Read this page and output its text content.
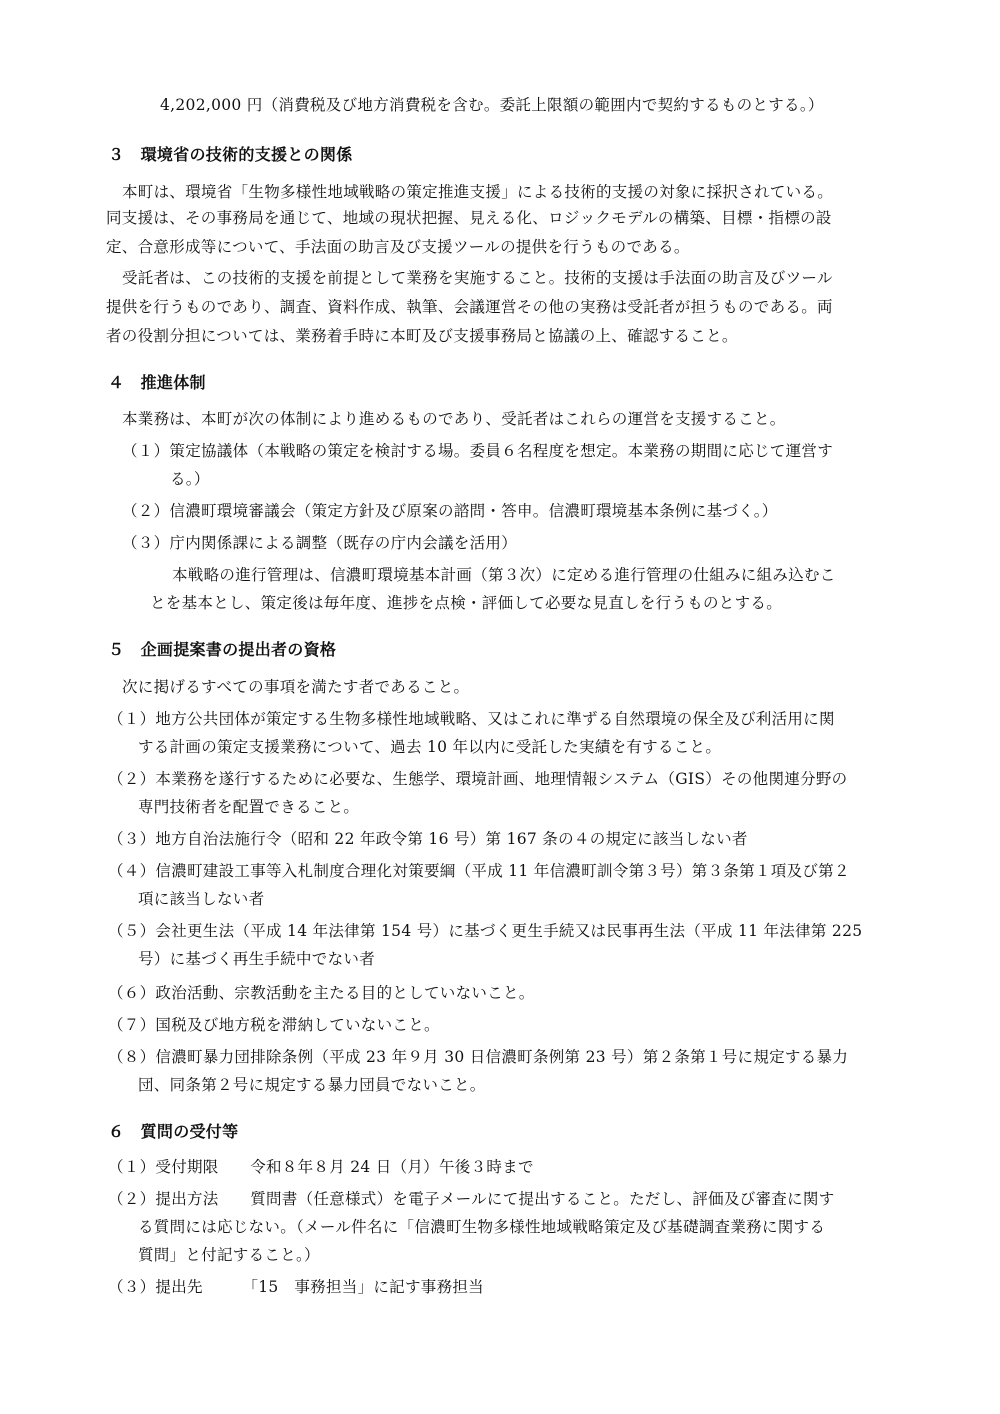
4,202,000 円（消費税及び地方消費税を含む。委託上限額の範囲内で契約するものとする。）
３　環境省の技術的支援との関係
本町は、環境省「生物多様性地域戦略の策定推進支援」による技術的支援の対象に採択されている。
同支援は、その事務局を通じて、地域の現状把握、見える化、ロジックモデルの構築、目標・指標の設
定、合意形成等について、手法面の助言及び支援ツールの提供を行うものである。
受託者は、この技術的支援を前提として業務を実施すること。技術的支援は手法面の助言及びツール
提供を行うものであり、調査、資料作成、執筆、会議運営その他の実務は受託者が担うものである。両
者の役割分担については、業務着手時に本町及び支援事務局と協議の上、確認すること。
４　推進体制
本業務は、本町が次の体制により進めるものであり、受託者はこれらの運営を支援すること。
（１）策定協議体（本戦略の策定を検討する場。委員６名程度を想定。本業務の期間に応じて運営す
る。）
（２）信濃町環境審議会（策定方針及び原案の諮問・答申。信濃町環境基本条例に基づく。）
（３）庁内関係課による調整（既存の庁内会議を活用）
本戦略の進行管理は、信濃町環境基本計画（第３次）に定める進行管理の仕組みに組み込むこ
とを基本とし、策定後は毎年度、進捗を点検・評価して必要な見直しを行うものとする。
５　企画提案書の提出者の資格
次に掲げるすべての事項を満たす者であること。
（１）地方公共団体が策定する生物多様性地域戦略、又はこれに準ずる自然環境の保全及び利活用に関
する計画の策定支援業務について、過去 10 年以内に受託した実績を有すること。
（２）本業務を遂行するために必要な、生態学、環境計画、地理情報システム（GIS）その他関連分野の
専門技術者を配置できること。
（３）地方自治法施行令（昭和 22 年政令第 16 号）第 167 条の４の規定に該当しない者
（４）信濃町建設工事等入札制度合理化対策要綱（平成 11 年信濃町訓令第３号）第３条第１項及び第２
項に該当しない者
（５）会社更生法（平成 14 年法律第 154 号）に基づく更生手続又は民事再生法（平成 11 年法律第 225
号）に基づく再生手続中でない者
（６）政治活動、宗教活動を主たる目的としていないこと。
（７）国税及び地方税を滞納していないこと。
（８）信濃町暴力団排除条例（平成 23 年９月 30 日信濃町条例第 23 号）第２条第１号に規定する暴力
団、同条第２号に規定する暴力団員でないこと。
６　質問の受付等
（１）受付期限　　令和８年８月 24 日（月）午後３時まで
（２）提出方法　　質問書（任意様式）を電子メールにて提出すること。ただし、評価及び審査に関す
る質問には応じない。（メール件名に「信濃町生物多様性地域戦略策定及び基礎調査業務に関する
質問」と付記すること。）
（３）提出先　　　「15　事務担当」に記す事務担当
